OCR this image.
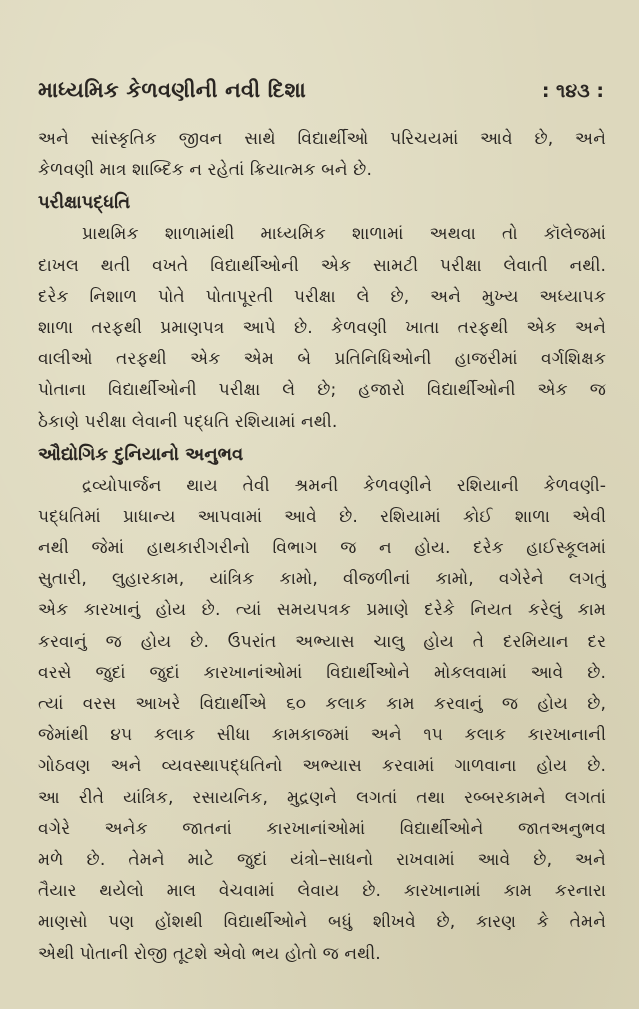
માધ્યમિક કેળવણીની નવી દિશા	: ૧૪૩ :
અને સાંસ્કૃતિક જીવન સાથે વિદ્યાર્થીઓ પરિચયમાં આવે છે, અને
કેળવણી માત્ર શાબ્દિક ન રહેતાં ક્રિયાત્મક બને છે.
પરીક્ષાપદ્ધતિ
પ્રાથમિક શાળામાંથી માધ્યમિક શાળામાં અથવા તો કૉલેજમાં
દાખલ થતી વખતે વિદ્યાર્થીઓની એક સામટી પરીક્ષા લેવાતી નથી.
દરેક નિશાળ પોતે પોતાપૂરતી પરીક્ષા લે છે, અને મુખ્ય અધ્યાપક
શાળા તરફથી પ્રમાણપત્ર આપે છે. કેળવણી ખાતા તરફથી એક અને
વાલીઓ તરફથી એક એમ બે પ્રતિનિધિઓની હાજરીમાં વર્ગશિક્ષક
પોતાના વિદ્યાર્થીઓની પરીક્ષા લે છે; હજારો વિદ્યાર્થીઓની એક જ
ઠેકાણે પરીક્ષા લેવાની પદ્ધતિ રશિયામાં નથી.
ઔદ્યોગિક દુનિયાનો અનુભવ
દ્રવ્યોપાર્જન થાય તેવી શ્રમની કેળવણીને રશિયાની કેળવણી-
પદ્ધતિમાં પ્રાધાન્ય આપવામાં આવે છે. રશિયામાં કોઈ શાળા એવી
નથી જેમાં હાથકારીગરીનો વિભાગ જ ન હોય. દરેક હાઈસ્કૂલમાં
સુતારી, લુહારકામ, યાંત્રિક કામો, વીજળીનાં કામો, વગેરેને લગતું
એક કારખાનું હોય છે. ત્યાં સમયપત્રક પ્રમાણે દરેકે નિયત કરેલું કામ
કરવાનું જ હોય છે. ઉપરાંત અભ્યાસ ચાલુ હોય તે દરમિયાન દર
વરસે જુદાં જુદાં કારખાનાંઓમાં વિદ્યાર્થીઓને મોકલવામાં આવે છે.
ત્યાં વરસ આખરે વિદ્યાર્થીએ ૬૦ કલાક કામ કરવાનું જ હોય છે,
જેમાંથી ૪૫ કલાક સીધા કામકાજમાં અને ૧૫ કલાક કારખાનાની
ગોઠવણ અને વ્યવસ્થાપદ્ધતિનો અભ્યાસ કરવામાં ગાળવાના હોય છે.
આ રીતે યાંત્રિક, રસાયનિક, મુદ્રણને લગતાં તથા રબ્બરકામને લગતાં
વગેરે અનેક જાતનાં કારખાનાંઓમાં વિદ્યાર્થીઓને જાતઅનુભવ
મળે છે. તેમને માટે જુદાં યંત્રો–સાધનો રાખવામાં આવે છે, અને
તૈયાર થયેલો માલ વેચવામાં લેવાય છે. કારખાનામાં કામ કરનારા
માણસો પણ હોંશથી વિદ્યાર્થીઓને બધું શીખવે છે, કારણ કે તેમને
એથી પોતાની રોજી તૂટશે એવો ભય હોતો જ નથી.
